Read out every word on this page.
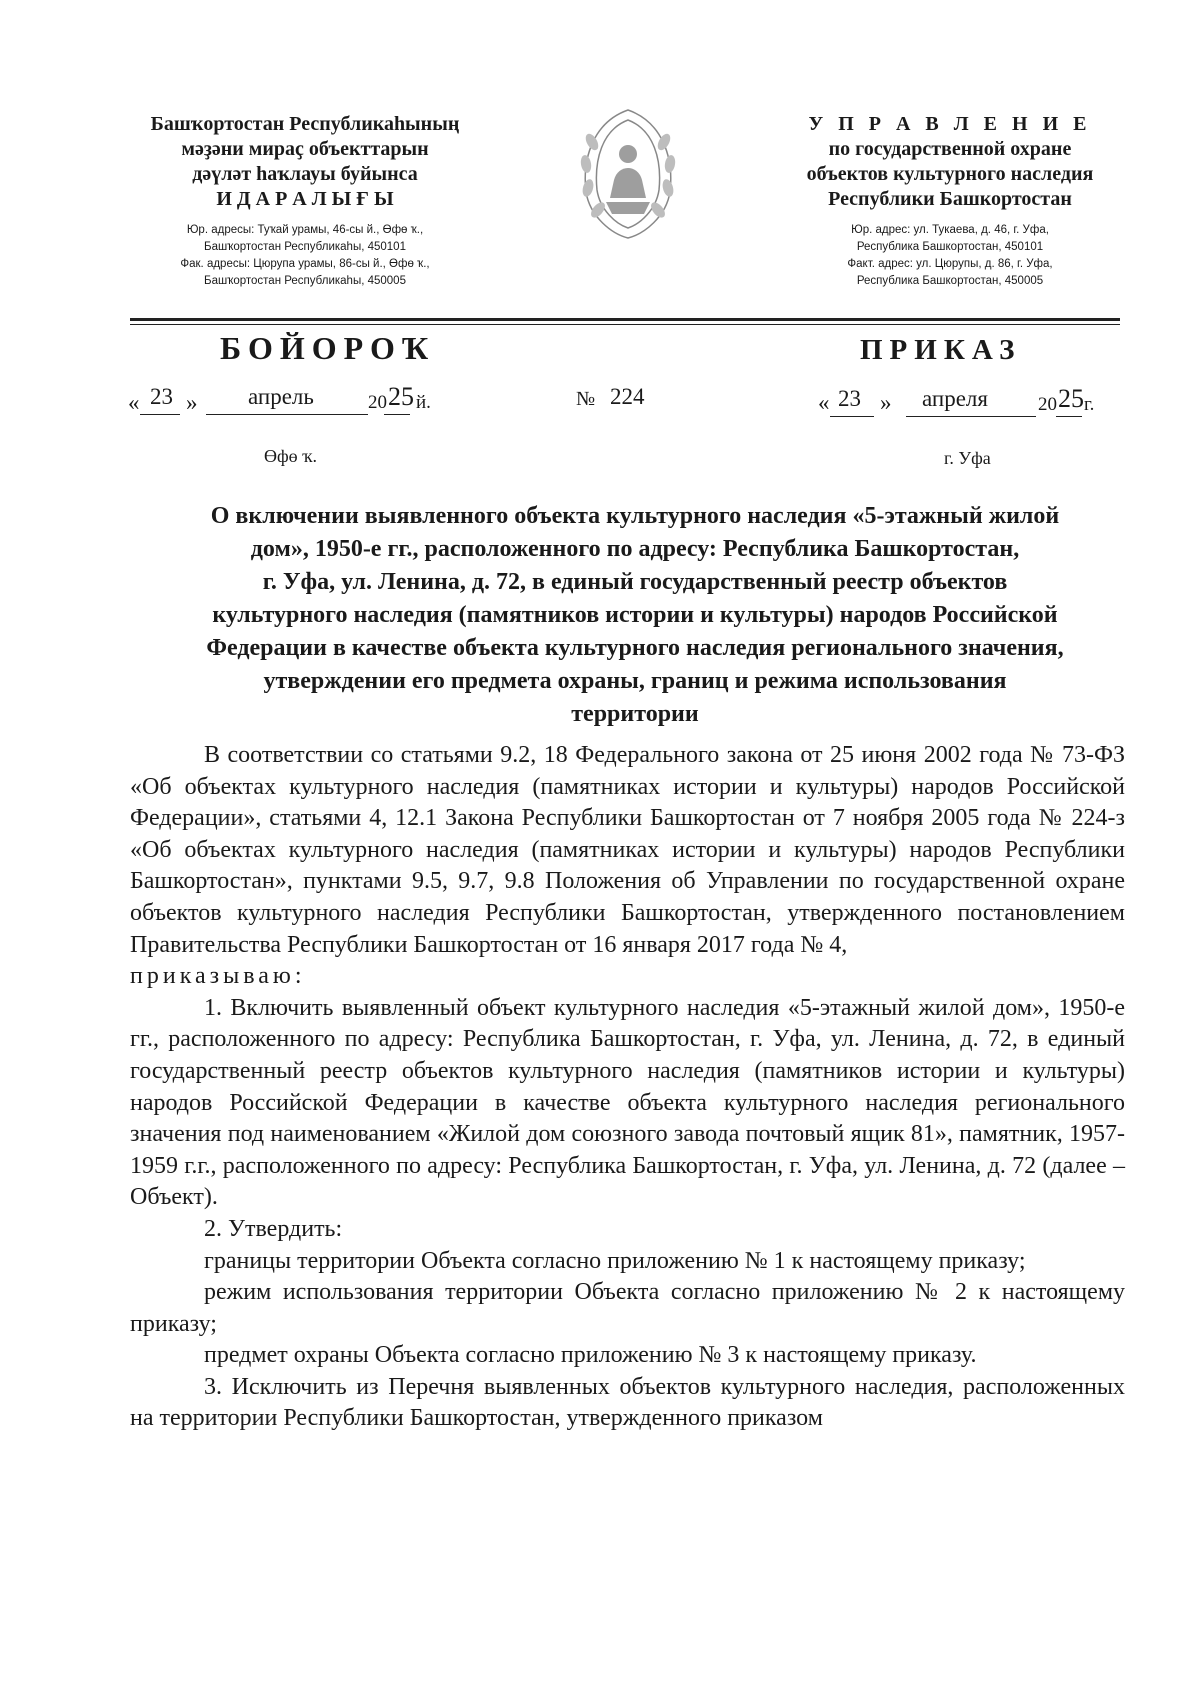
Башҡортостан Республикаһының
мәҙәни мираҫ объекттарын
дәүләт һаҡлауы буйынса
И Д А Р А Л Ы Ғ Ы
Юр. адресы: Туҡай урамы, 46-сы й., Өфө ҡ.,
Башҡортостан Республикаһы, 450101
Фак. адресы: Цюрупа урамы, 86-сы й., Өфө ҡ.,
Башҡортостан Республикаһы, 450005
У П Р А В Л Е Н И Е
по государственной охране
объектов культурного наследия
Республики Башкортостан
Юр. адрес: ул. Тукаева, д. 46, г. Уфа,
Республика Башкортостан, 450101
Факт. адрес: ул. Цюрупы, д. 86, г. Уфа,
Республика Башкортостан, 450005
БОЙОРОҠ	ПРИКАЗ
« 23 » апрель	20 25 й.	№ 224	« 23 » апреля	20 25 г.
Өфө ҡ.	г. Уфа
О включении выявленного объекта культурного наследия «5-этажный жилой
дом», 1950-е гг., расположенного по адресу: Республика Башкортостан,
г. Уфа, ул. Ленина, д. 72, в единый государственный реестр объектов
культурного наследия (памятников истории и культуры) народов Российской
Федерации в качестве объекта культурного наследия регионального значения,
утверждении его предмета охраны, границ и режима использования
территории

В соответствии со статьями 9.2, 18 Федерального закона от 25 июня 2002 года № 73-ФЗ «Об объектах культурного наследия (памятниках истории и культуры) народов Российской Федерации», статьями 4, 12.1 Закона Республики Башкортостан от 7 ноября 2005 года № 224-з «Об объектах культурного наследия (памятниках истории и культуры) народов Республики Башкортостан», пунктами 9.5, 9.7, 9.8 Положения об Управлении по государственной охране объектов культурного наследия Республики Башкортостан, утвержденного постановлением Правительства Республики Башкортостан от 16 января 2017 года № 4,

приказываю:

1. Включить выявленный объект культурного наследия «5-этажный жилой дом», 1950-е гг., расположенного по адресу: Республика Башкортостан, г. Уфа, ул. Ленина, д. 72, в единый государственный реестр объектов культурного наследия (памятников истории и культуры) народов Российской Федерации в качестве объекта культурного наследия регионального значения под наименованием «Жилой дом союзного завода почтовый ящик 81», памятник, 1957-1959 г.г., расположенного по адресу: Республика Башкортостан, г. Уфа, ул. Ленина, д. 72 (далее – Объект).

2. Утвердить:

границы территории Объекта согласно приложению № 1 к настоящему приказу;

режим использования территории Объекта согласно приложению № 2 к настоящему приказу;

предмет охраны Объекта согласно приложению № 3 к настоящему приказу.

3. Исключить из Перечня выявленных объектов культурного наследия, расположенных на территории Республики Башкортостан, утвержденного приказом
